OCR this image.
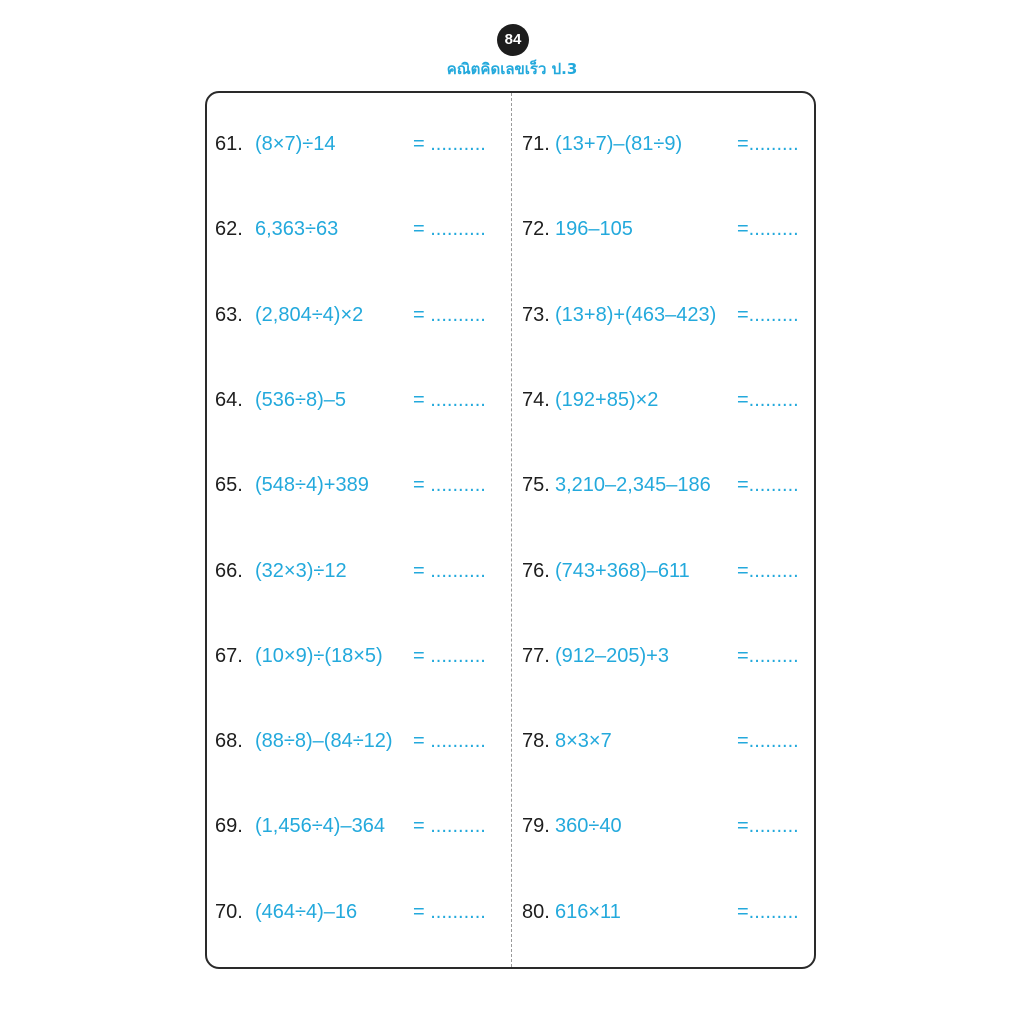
84
คณิตคิดเลขเร็ว ป.3
61. (8×7)÷14	= ..........
62. 6,363÷63	= ..........
63. (2,804÷4)×2 = ..........
64. (536÷8)–5	= ..........
65. (548÷4)+389 = ..........
66. (32×3)÷12	= ..........
67. (10×9)÷(18×5) = ..........
68. (88÷8)–(84÷12) = ..........
69. (1,456÷4)–364 = ..........
70. (464÷4)–16	= ..........
71. (13+7)–(81÷9)	=.........
72. 196–105	=.........
73. (13+8)+(463–423) =.........
74. (192+85)×2	=.........
75. 3,210–2,345–186 =.........
76. (743+368)–611 =.........
77. (912–205)+3	=.........
78. 8×3×7	=.........
79. 360÷40	=.........
80. 616×11	=.........
